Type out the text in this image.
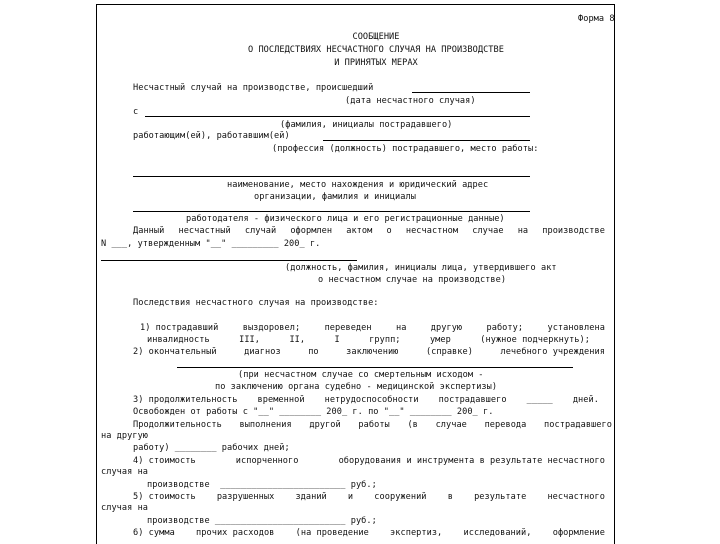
Форма 8
СООБЩЕНИЕ
О ПОСЛЕДСТВИЯХ НЕСЧАСТНОГО СЛУЧАЯ НА ПРОИЗВОДСТВЕ
И ПРИНЯТЫХ МЕРАХ
Несчастный случай на производстве, происшедший
(дата несчастного случая)
с
(фамилия, инициалы пострадавшего)
работающим(ей), работавшим(ей)
(профессия (должность) пострадавшего, место работы:
наименование, место нахождения и юридический адрес
организации, фамилия и инициалы
работодателя - физического лица и его регистрационные данные)
Данный несчастный случай оформлен актом о несчастном случае на производстве
N ___, утвержденным "__" _________ 200_ г.
(должность, фамилия, инициалы лица, утвердившего акт
о несчастном случае на производстве)
Последствия несчастного случая на производстве:
1) пострадавший	выздоровел;	переведен	на	другую	работу;	установлена
инвалидность	III,	II,	I	групп;	умер	(нужное подчеркнуть);
2) окончательный	диагноз	по	заключению	(справке)	лечебного учреждения
(при несчастном случае со смертельным исходом -
по заключению органа судебно - медицинской экспертизы)
3) продолжительность временной нетрудоспособности пострадавшего _____ дней.
Освобожден от работы с "__" ________ 200_ г. по "__" ________ 200_ г.
Продолжительность выполнения другой работы (в случае перевода пострадавшего
на другую
работу) ________ рабочих дней;
4) стоимость	испорченного	оборудования и инструмента в результате несчастного
случая на
производстве  ________________________ руб.;
5) стоимость разрушенных зданий и сооружений в результате несчастного
случая на
производстве _________________________ руб.;
6) сумма прочих расходов (на проведение экспертиз, исследований, оформление
